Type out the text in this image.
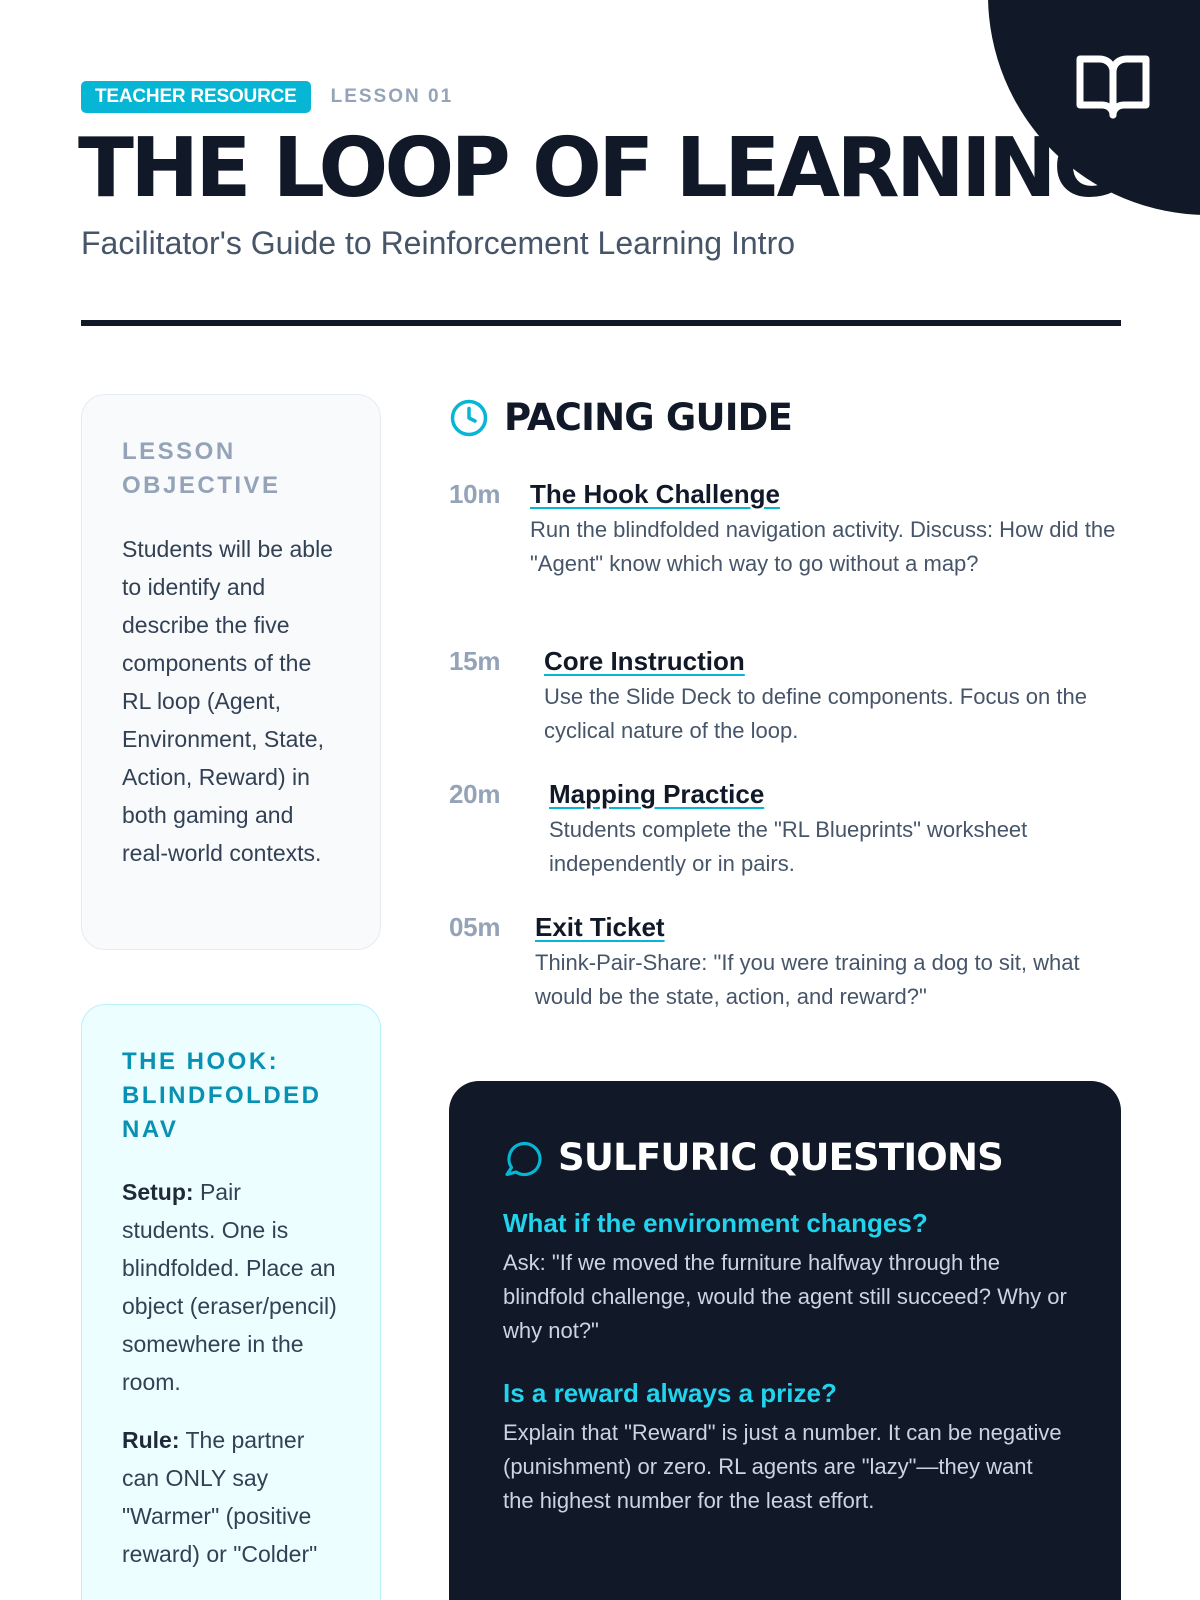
TEACHER RESOURCE	LESSON 01
THE LOOP OF LEARNING
Facilitator's Guide to Reinforcement Learning Intro
LESSON
OBJECTIVE

Students will be able to identify and describe the five components of the RL loop (Agent, Environment, State, Action, Reward) in both gaming and real-world contexts.

THE HOOK:
BLINDFOLDED
NAV

Setup: Pair students. One is blindfolded. Place an object (eraser/pencil) somewhere in the room.

Rule: The partner can ONLY say "Warmer" (positive reward) or "Colder"

PACING GUIDE
10m	The Hook Challenge

Run the blindfolded navigation activity. Discuss: How did the "Agent" know which way to go without a map?

15m	Core Instruction

Use the Slide Deck to define components. Focus on the cyclical nature of the loop.

20m	Mapping Practice

Students complete the "RL Blueprints" worksheet independently or in pairs.

05m	Exit Ticket

Think-Pair-Share: "If you were training a dog to sit, what would be the state, action, and reward?"

SULFURIC QUESTIONS
What if the environment changes?

Ask: "If we moved the furniture halfway through the blindfold challenge, would the agent still succeed? Why or why not?"

Is a reward always a prize?

Explain that "Reward" is just a number. It can be negative (punishment) or zero. RL agents are "lazy"—they want the highest number for the least effort.
